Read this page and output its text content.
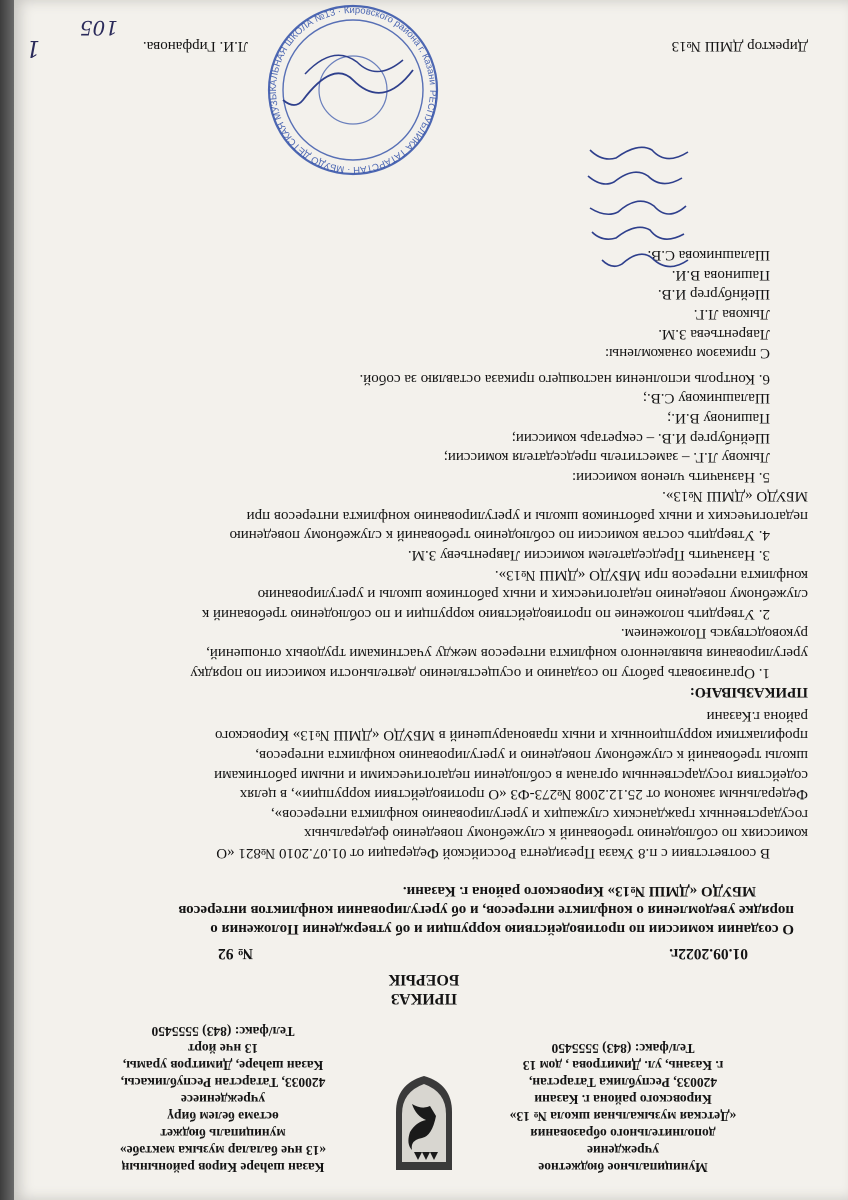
Муниципальное бюджетное
учреждение
дополнительного образования
«Детская музыкальная школа № 13»
Кировского района г. Казани
420033, Республика Татарстан,
г. Казань, ул. Димитрова , дом 13
Тел/факс: (843) 5555450
Казан шәһәре Киров районының
«13 нче балалар музыка мәктәбе»
муниципаль бюджет
өстәмә белем бирү
учреждениесе
420033, Татарстан Республикасы,
Казан шәһәре, Димитров урамы,
13 нче йорт
Тел/факс: (843) 5555450
ПРИКАЗ
БОЕРЫК
01.09.2022г.
№ 92
О создании комиссии по противодействию коррупции и об утверждении Положения о
порядке уведомления о конфликте интересов, и об урегулировании конфликтов интересов
МБУДО «ДМШ №13» Кировского района г. Казани.
В соответствии с п.8 Указа Президента Российской Федерации от 01.07.2010 №821 «О
комиссиях по соблюдению требований к служебному поведению федеральных
государственных гражданских служащих и урегулированию конфликта интересов»,
Федеральным законом от 25.12.2008 №273-ФЗ «О противодействии коррупции», в целях
содействия государственным органам в соблюдении педагогическими и иными работниками
школы требований к служебному поведению и урегулированию конфликта интересов,
профилактики коррупционных и иных правонарушений в МБУДО «ДМШ №13» Кировского
района г.Казани
ПРИКАЗЫВАЮ:
1. Организовать работу по созданию и осуществлению деятельности комиссии по порядку
урегулирования выявленного конфликта интересов между участниками трудовых отношений,
руководствуясь Положением.
2. Утвердить положение по противодействию коррупции и по соблюдению требований к
служебному поведению педагогических и иных работников школы и урегулированию
конфликта интересов при МБУДО «ДМШ №13».
3. Назначить Председателем комиссии Лаврентьеву З.М.
4. Утвердить состав комиссии по соблюдению требований к служебному поведению
педагогических и иных работников школы и урегулированию конфликта интересов при
МБУДО «ДМШ №13».
5. Назначить членов комиссии:
Лыкову Л.Г. – заместитель председателя комиссии;
Шейнбургер И.В. – секретарь комиссии;
Пашинову В.И.;
Шалашникову С.В.;
6. Контроль исполнения настоящего приказа оставляю за собой.
С приказом ознакомлены:
Лаврентьева З.М.
Лыкова Л.Г.
Шейнбургер И.В.
Пашинова В.И.
Шалашникова С.В.
РЕСПУБЛИКА ТАТАРСТАН · МБУДО ДЕТСКАЯ МУЗЫКАЛЬНАЯ ШКОЛА №13 · Кировского района г. Казани
Директор ДМШ №13
Л.И. Гирфанова.
105
1
